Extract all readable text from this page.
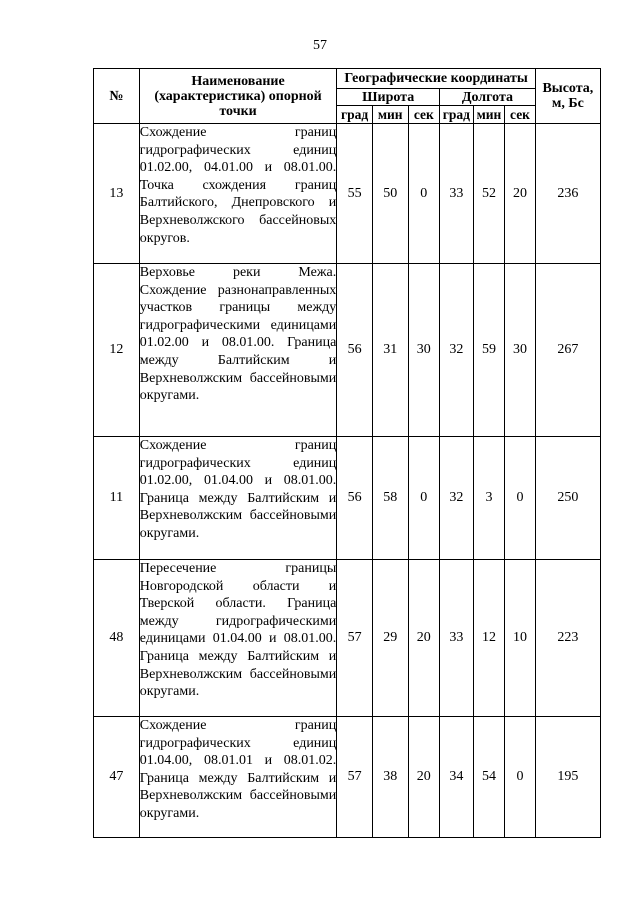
57
№	Наименование (характеристика) опорной точки	Географические координаты						Высота, м, Бс
		Широта			Долгота			
		град	мин	сек	град	мин	сек	
13	Схождение границ гидрографических единиц 01.02.00, 04.01.00 и 08.01.00. Точка схождения границ Балтийского, Днепровского и Верхневолжского бассейновых округов.	55	50	0	33	52	20	236
12	Верховье реки Межа. Схождение разнонаправленных участков границы между гидрографическими единицами 01.02.00 и 08.01.00. Граница между Балтийским и Верхневолжским бассейновыми округами.	56	31	30	32	59	30	267
11	Схождение границ гидрографических единиц 01.02.00, 01.04.00 и 08.01.00. Граница между Балтийским и Верхневолжским бассейновыми округами.	56	58	0	32	3	0	250
48	Пересечение границы Новгородской области и Тверской области. Граница между гидрографическими единицами 01.04.00 и 08.01.00. Граница между Балтийским и Верхневолжским бассейновыми округами.	57	29	20	33	12	10	223
47	Схождение границ гидрографических единиц 01.04.00, 08.01.01 и 08.01.02. Граница между Балтийским и Верхневолжским бассейновыми округами.	57	38	20	34	54	0	195
